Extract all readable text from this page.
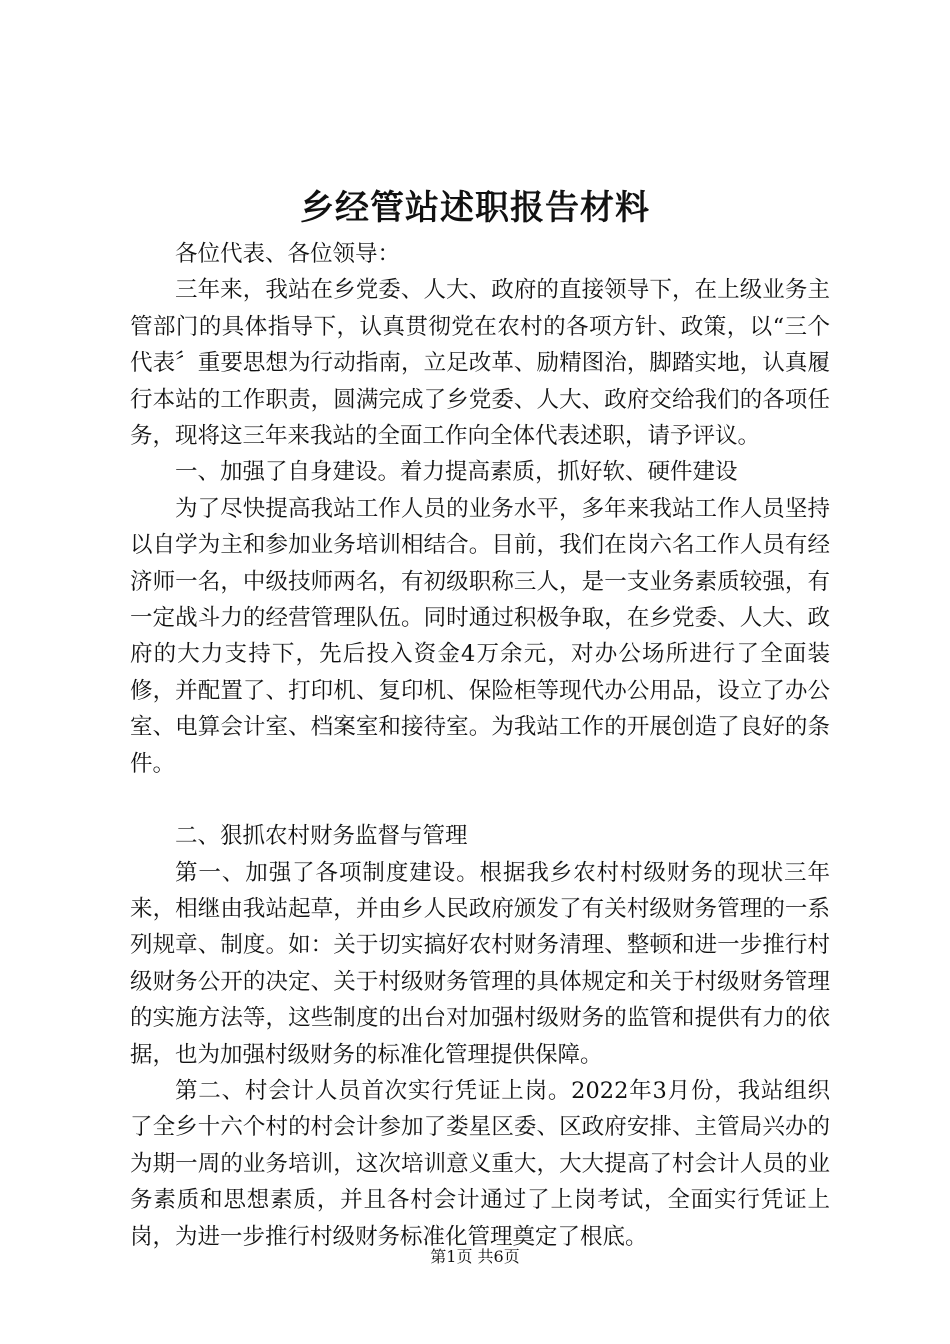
乡经管站述职报告材料

各位代表、各位领导：

三年来，我站在乡党委、人大、政府的直接领导下，在上级业务主管部门的具体指导下，认真贯彻党在农村的各项方针、政策，以“三个代表〞重要思想为行动指南，立足改革、励精图治，脚踏实地，认真履行本站的工作职责，圆满完成了乡党委、人大、政府交给我们的各项任务，现将这三年来我站的全面工作向全体代表述职，请予评议。

一、加强了自身建设。着力提高素质，抓好软、硬件建设

为了尽快提高我站工作人员的业务水平，多年来我站工作人员坚持以自学为主和参加业务培训相结合。目前，我们在岗六名工作人员有经济师一名，中级技师两名，有初级职称三人，是一支业务素质较强，有一定战斗力的经营管理队伍。同时通过积极争取，在乡党委、人大、政府的大力支持下，先后投入资金4万余元，对办公场所进行了全面装修，并配置了、打印机、复印机、保险柜等现代办公用品，设立了办公室、电算会计室、档案室和接待室。为我站工作的开展创造了良好的条件。

二、狠抓农村财务监督与管理

第一、加强了各项制度建设。根据我乡农村村级财务的现状三年来，相继由我站起草，并由乡人民政府颁发了有关村级财务管理的一系列规章、制度。如：关于切实搞好农村财务清理、整顿和进一步推行村级财务公开的决定、关于村级财务管理的具体规定和关于村级财务管理的实施方法等，这些制度的出台对加强村级财务的监管和提供有力的依据，也为加强村级财务的标准化管理提供保障。

第二、村会计人员首次实行凭证上岗。2022年3月份，我站组织了全乡十六个村的村会计参加了娄星区委、区政府安排、主管局兴办的为期一周的业务培训，这次培训意义重大，大大提高了村会计人员的业务素质和思想素质，并且各村会计通过了上岗考试，全面实行凭证上岗，为进一步推行村级财务标准化管理奠定了根底。

第1页 共6页
